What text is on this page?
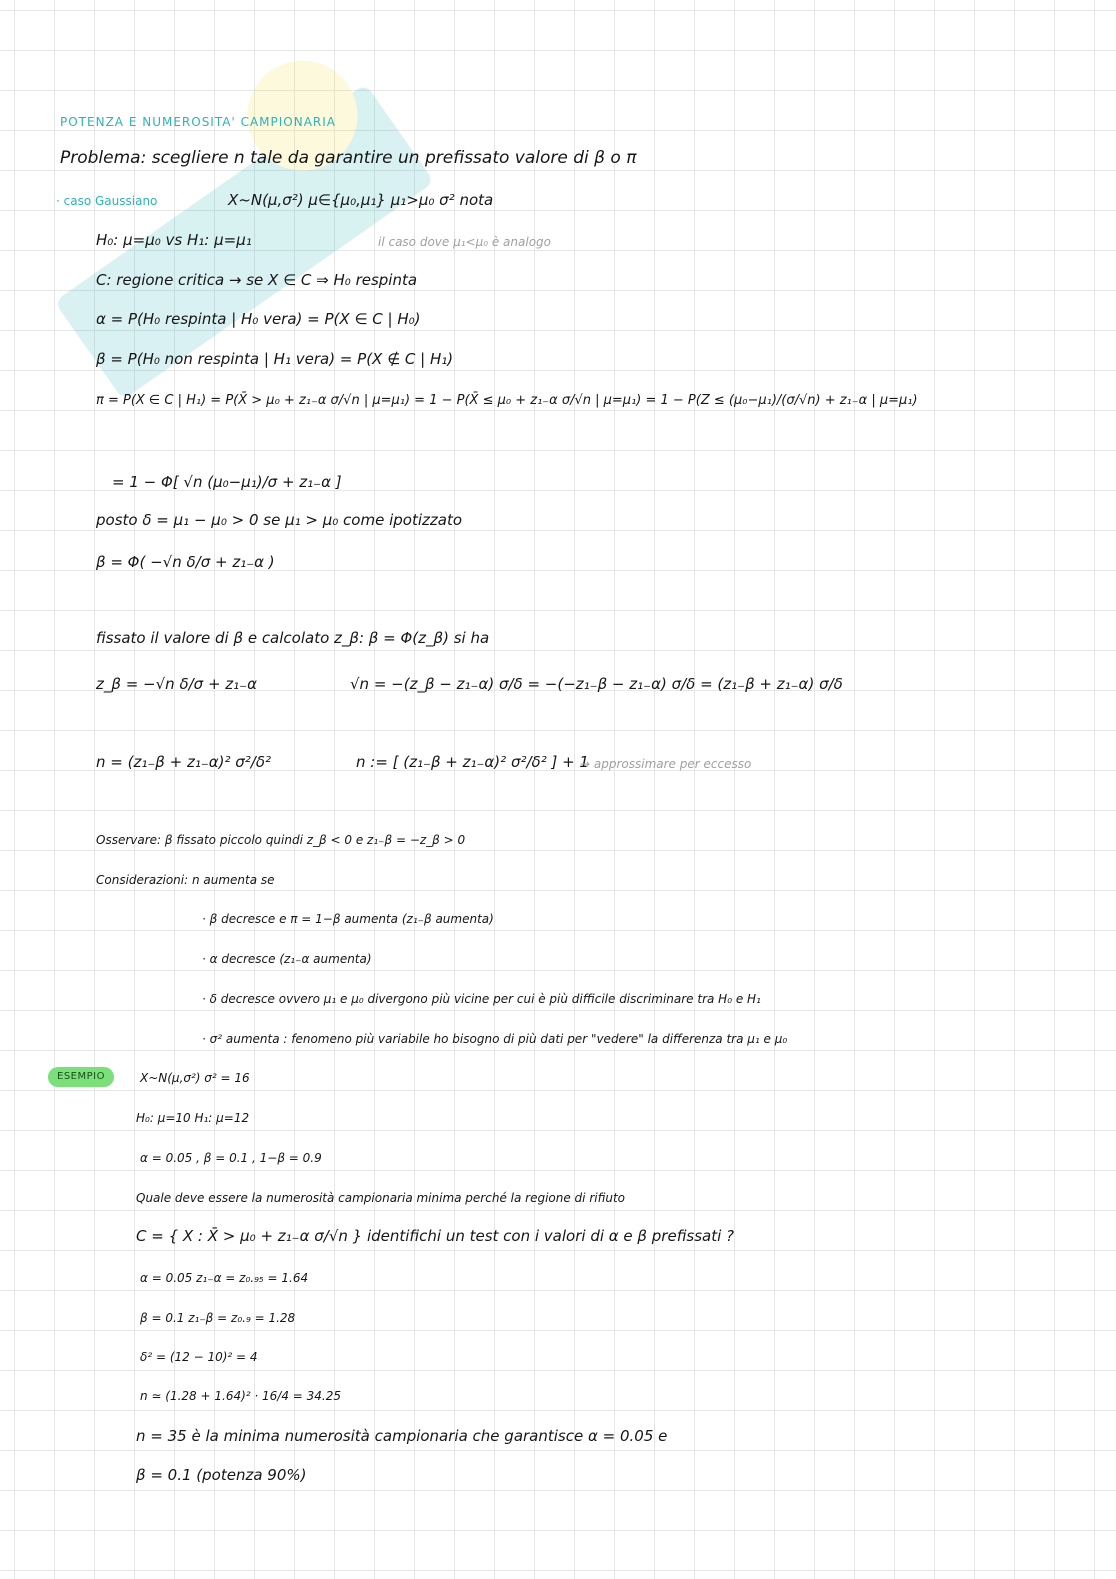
POTENZA E NUMEROSITA' CAMPIONARIA
Problema: scegliere n tale da garantire un prefissato valore di β o π
· caso Gaussiano	X~N(μ,σ²) μ∈{μ₀,μ₁} μ₁>μ₀ σ² nota
H₀: μ=μ₀ vs H₁: μ=μ₁	il caso dove μ₁<μ₀ è analogo
C: regione critica → se X ∈ C ⇒ H₀ respinta
α = P(H₀ respinta | H₀ vera) = P(X ∈ C | H₀)
β = P(H₀ non respinta | H₁ vera) = P(X ∉ C | H₁)
π = P(X ∈ C | H₁) = P(X̄ > μ₀ + z₁₋α σ/√n | μ=μ₁) = 1 − P(X̄ ≤ μ₀ + z₁₋α σ/√n | μ=μ₁) = 1 − P(Z ≤ (μ₀−μ₁)/(σ/√n) + z₁₋α | μ=μ₁)
= 1 − Φ[ √n (μ₀−μ₁)/σ + z₁₋α ]
posto δ = μ₁ − μ₀ > 0 se μ₁ > μ₀ come ipotizzato
β = Φ( −√n δ/σ + z₁₋α )
fissato il valore di β e calcolato z_β: β = Φ(z_β) si ha
z_β = −√n δ/σ + z₁₋α	√n = −(z_β − z₁₋α) σ/δ = −(−z₁₋β − z₁₋α) σ/δ = (z₁₋β + z₁₋α) σ/δ
n = (z₁₋β + z₁₋α)² σ²/δ²	n := [ (z₁₋β + z₁₋α)² σ²/δ² ] + 1
→ approssimare per eccesso
Osservare: β fissato piccolo quindi z_β < 0 e z₁₋β = −z_β > 0
Considerazioni: n aumenta se
· β decresce e π = 1−β aumenta (z₁₋β aumenta)
· α decresce (z₁₋α aumenta)
· δ decresce ovvero μ₁ e μ₀ divergono più vicine per cui è più difficile discriminare tra H₀ e H₁
· σ² aumenta : fenomeno più variabile ho bisogno di più dati per "vedere" la differenza tra μ₁ e μ₀
ESEMPIO	X~N(μ,σ²) σ² = 16
H₀: μ=10 H₁: μ=12
α = 0.05 , β = 0.1 , 1−β = 0.9
Quale deve essere la numerosità campionaria minima perché la regione di rifiuto
C = { X : X̄ > μ₀ + z₁₋α σ/√n } identifichi un test con i valori di α e β prefissati ?
α = 0.05 z₁₋α = z₀.₉₅ = 1.64
β = 0.1 z₁₋β = z₀.₉ = 1.28
δ² = (12 − 10)² = 4
n ≃ (1.28 + 1.64)² · 16/4 = 34.25
n = 35 è la minima numerosità campionaria che garantisce α = 0.05 e
β = 0.1 (potenza 90%)
